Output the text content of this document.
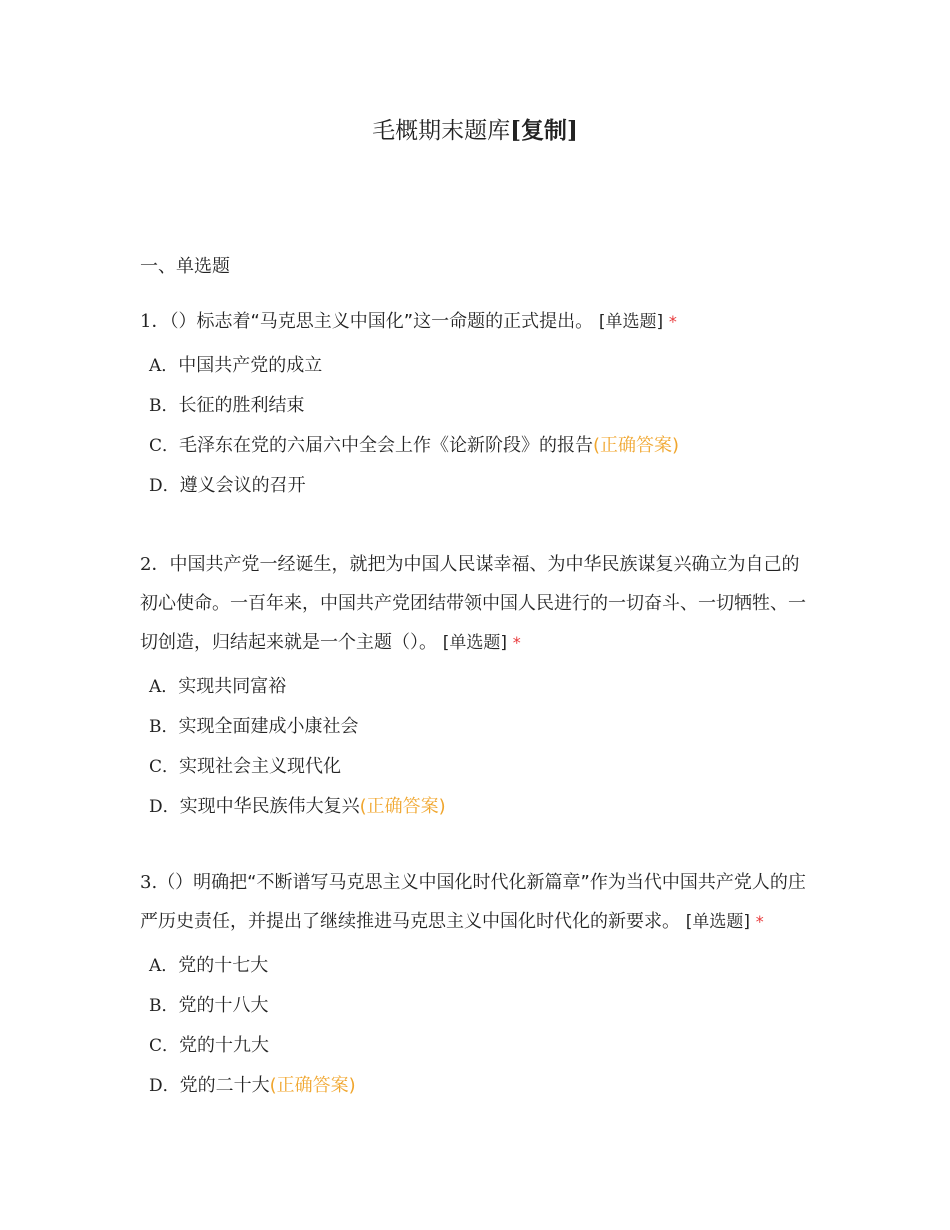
毛概期末题库[复制]
一、单选题

1．（）标志着“马克思主义中国化”这一命题的正式提出。 [单选题] *

A．中国共产党的成立
B．长征的胜利结束
C．毛泽东在党的六届六中全会上作《论新阶段》的报告(正确答案)
D．遵义会议的召开

2．中国共产党一经诞生，就把为中国人民谋幸福、为中华民族谋复兴确立为自己的初心使命。一百年来，中国共产党团结带领中国人民进行的一切奋斗、一切牺牲、一切创造，归结起来就是一个主题（）。 [单选题] *

A．实现共同富裕
B．实现全面建成小康社会
C．实现社会主义现代化
D．实现中华民族伟大复兴(正确答案)

3.（）明确把“不断谱写马克思主义中国化时代化新篇章”作为当代中国共产党人的庄严历史责任，并提出了继续推进马克思主义中国化时代化的新要求。 [单选题] *

A．党的十七大
B．党的十八大
C．党的十九大
D．党的二十大(正确答案)
